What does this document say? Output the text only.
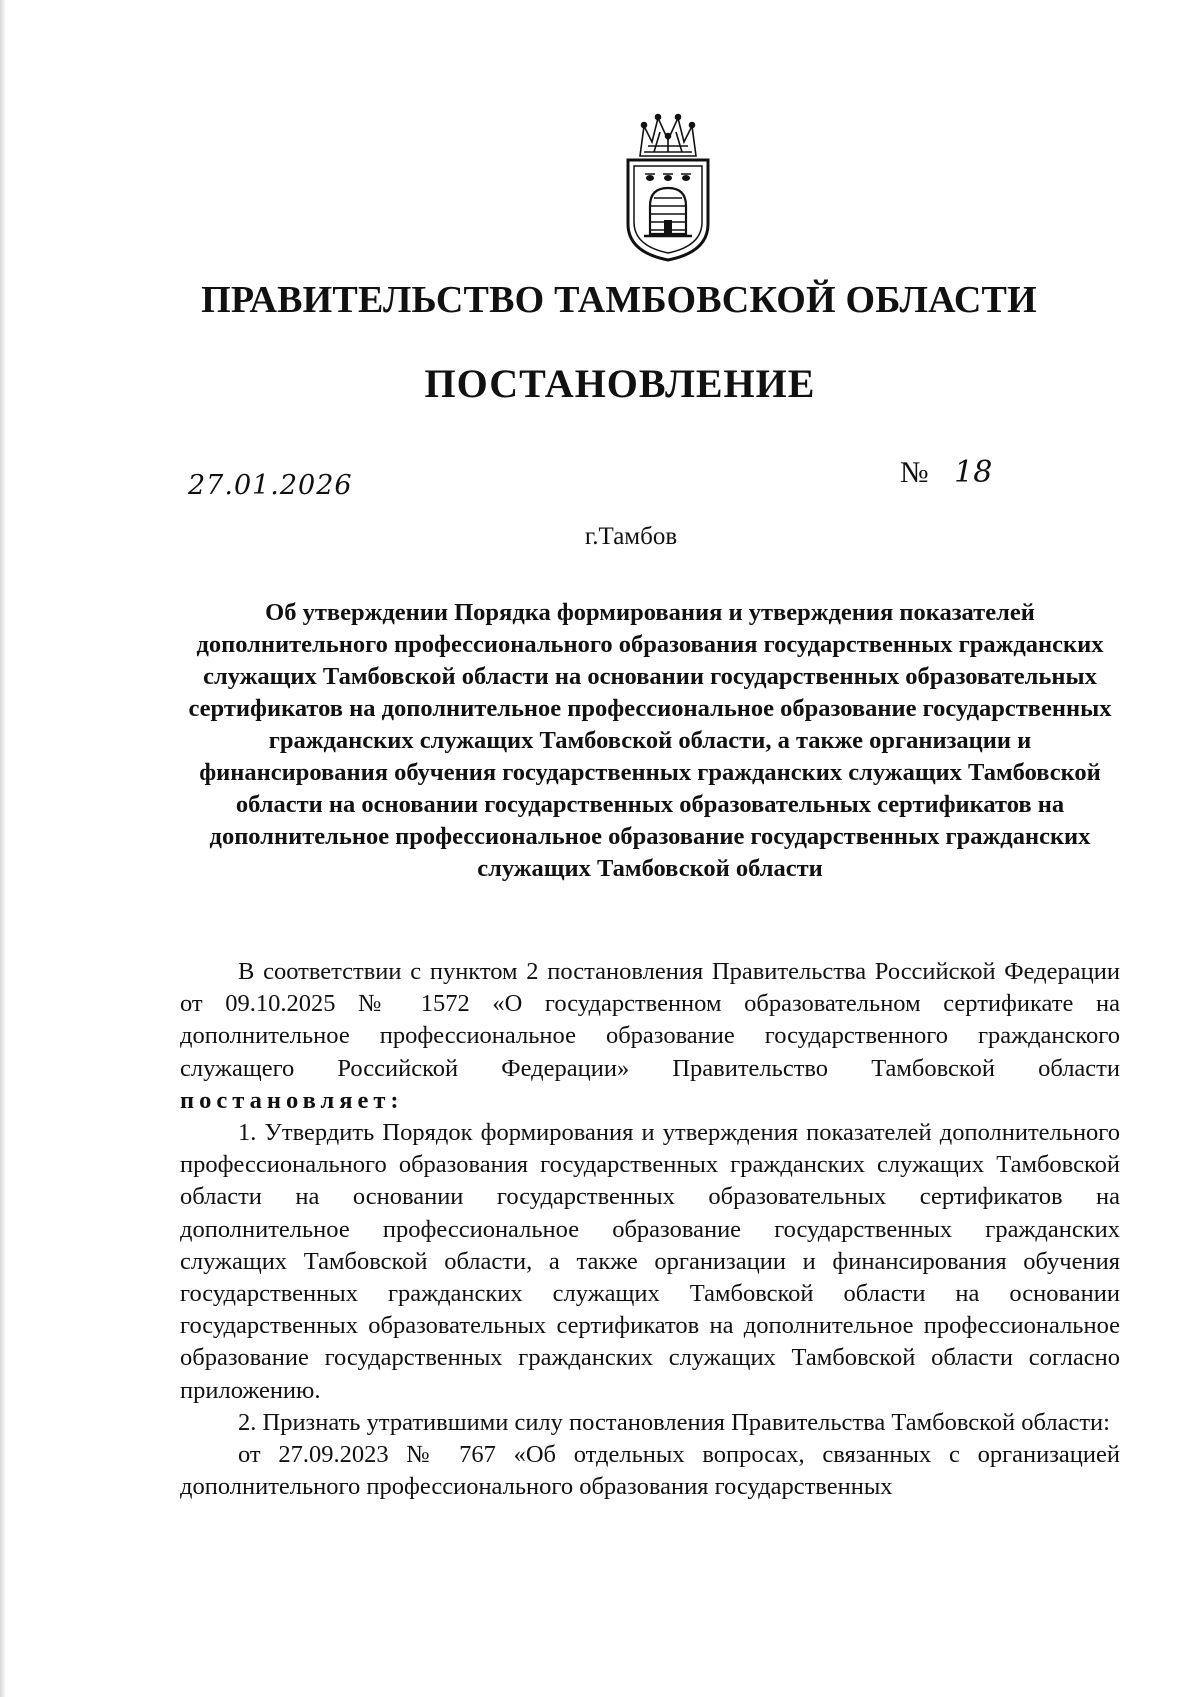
ПРАВИТЕЛЬСТВО ТАМБОВСКОЙ ОБЛАСТИ
ПОСТАНОВЛЕНИЕ
27.01.2026	№ 18
г.Тамбов
Об утверждении Порядка формирования и утверждения показателей дополнительного профессионального образования государственных гражданских служащих Тамбовской области на основании государственных образовательных сертификатов на дополнительное профессиональное образование государственных гражданских служащих Тамбовской области, а также организации и финансирования обучения государственных гражданских служащих Тамбовской области на основании государственных образовательных сертификатов на дополнительное профессиональное образование государственных гражданских служащих Тамбовской области

В соответствии с пунктом 2 постановления Правительства Российской Федерации от 09.10.2025 № 1572 «О государственном образовательном сертификате на дополнительное профессиональное образование государственного гражданского служащего Российской Федерации» Правительство Тамбовской области постановляет:

1. Утвердить Порядок формирования и утверждения показателей дополнительного профессионального образования государственных гражданских служащих Тамбовской области на основании государственных образовательных сертификатов на дополнительное профессиональное образование государственных гражданских служащих Тамбовской области, а также организации и финансирования обучения государственных гражданских служащих Тамбовской области на основании государственных образовательных сертификатов на дополнительное профессиональное образование государственных гражданских служащих Тамбовской области согласно приложению.

2. Признать утратившими силу постановления Правительства Тамбовской области:

от 27.09.2023 № 767 «Об отдельных вопросах, связанных с организацией дополнительного профессионального образования государственных
